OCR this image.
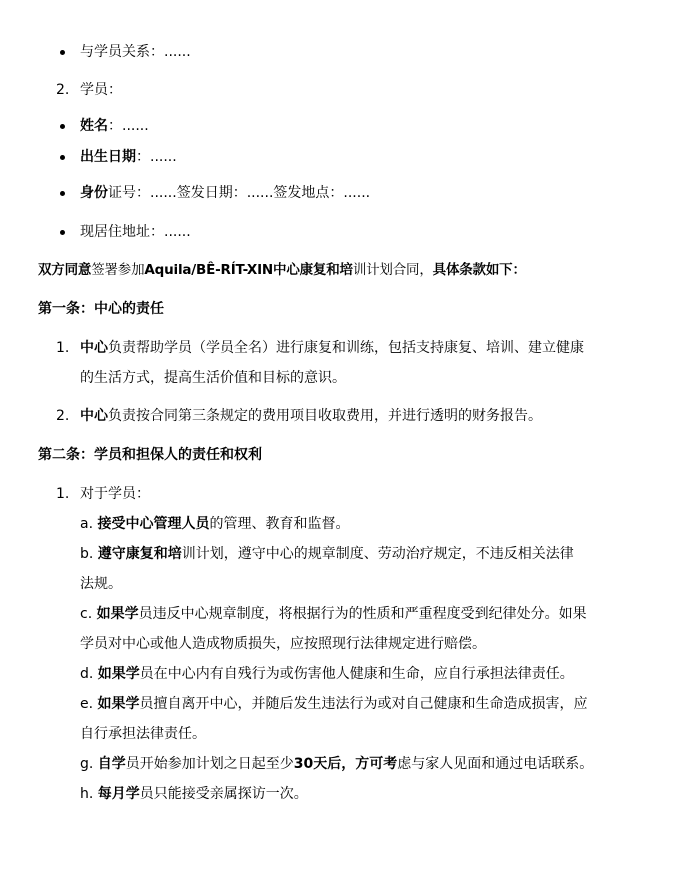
与学员关系：......
2. 学员：
姓名：......
出生日期：......
身份证号：......签发日期：......签发地点：......
现居住地址：......
双方同意签署参加Aquila/BÊ-RÍT-XIN中心康复和培训计划合同，具体条款如下：
第一条：中心的责任
1. 中心负责帮助学员（学员全名）进行康复和训练，包括支持康复、培训、建立健康
的生活方式，提高生活价值和目标的意识。
2. 中心负责按合同第三条规定的费用项目收取费用，并进行透明的财务报告。
第二条：学员和担保人的责任和权利
1. 对于学员：
a. 接受中心管理人员的管理、教育和监督。
b. 遵守康复和培训计划，遵守中心的规章制度、劳动治疗规定，不违反相关法律
法规。
c. 如果学员违反中心规章制度，将根据行为的性质和严重程度受到纪律处分。如果
学员对中心或他人造成物质损失，应按照现行法律规定进行赔偿。
d. 如果学员在中心内有自残行为或伤害他人健康和生命，应自行承担法律责任。
e. 如果学员擅自离开中心，并随后发生违法行为或对自己健康和生命造成损害，应
自行承担法律责任。
g. 自学员开始参加计划之日起至少30天后，方可考虑与家人见面和通过电话联系。
h. 每月学员只能接受亲属探访一次。
